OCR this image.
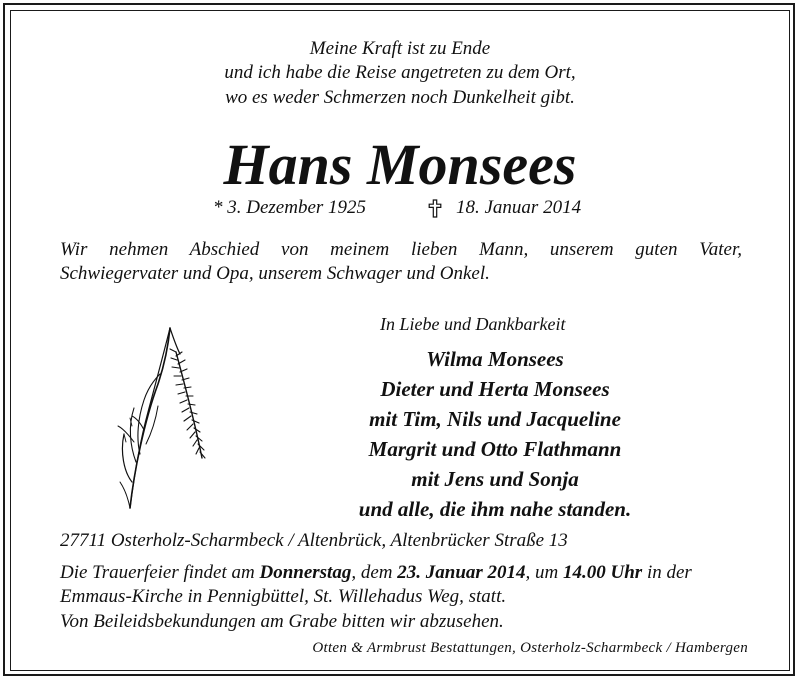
Meine Kraft ist zu Ende
und ich habe die Reise angetreten zu dem Ort,
wo es weder Schmerzen noch Dunkelheit gibt.
Hans Monsees
* 3. Dezember 1925	18. Januar 2014
Wir nehmen Abschied von meinem lieben Mann, unserem guten Vater,
Schwiegervater und Opa, unserem Schwager und Onkel.
In Liebe und Dankbarkeit
Wilma Monsees
Dieter und Herta Monsees
mit Tim, Nils und Jacqueline
Margrit und Otto Flathmann
mit Jens und Sonja
und alle, die ihm nahe standen.
27711 Osterholz-Scharmbeck / Altenbrück, Altenbrücker Straße 13
Die Trauerfeier findet am Donnerstag, dem 23. Januar 2014, um 14.00 Uhr in der
Emmaus-Kirche in Pennigbüttel, St. Willehadus Weg, statt.
Von Beileidsbekundungen am Grabe bitten wir abzusehen.
Otten & Armbrust Bestattungen, Osterholz-Scharmbeck / Hambergen
